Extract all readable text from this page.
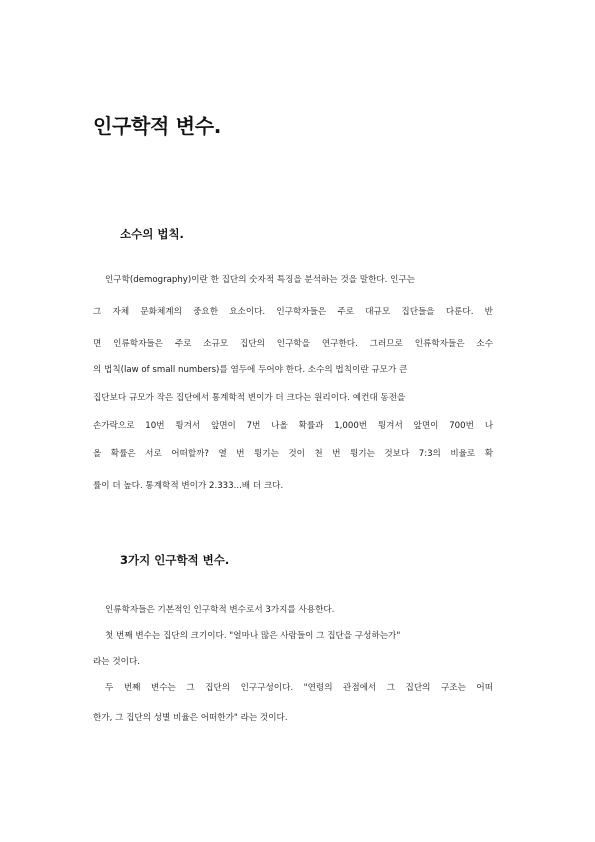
인구학적 변수.
소수의 법칙.
인구학(demography)이란 한 집단의 숫자적 특징을 분석하는 것을 말한다. 인구는
그 자체 문화체계의 중요한 요소이다. 인구학자들은 주로 대규모 집단들을 다룬다. 반
면 인류학자들은 주로 소규모 집단의 인구학을 연구한다. 그러므로 인류학자들은 소수
의 법칙(law of small numbers)를 염두에 두어야 한다. 소수의 법칙이란 규모가 큰
집단보다 규모가 작은 집단에서 통계학적 변이가 더 크다는 원리이다. 예컨대 동전을
손가락으로 10번 튕겨서 앞면이 7번 나올 확률과 1,000번 튕겨서 앞면이 700번 나
올 확률은 서로 어떠할까? 열 번 튕기는 것이 천 번 튕기는 것보다 7:3의 비율로 확
률이 더 높다. 통계학적 변이가 2.333...배 더 크다.
3가지 인구학적 변수.
인류학자들은 기본적인 인구학적 변수로서 3가지를 사용한다.
첫 번째 변수는 집단의 크기이다. "얼마나 많은 사람들이 그 집단을 구성하는가"
라는 것이다.
두 번째 변수는 그 집단의 인구구성이다. "연령의 관점에서 그 집단의 구조는 어떠
한가, 그 집단의 성별 비율은 어떠한가" 라는 것이다.
